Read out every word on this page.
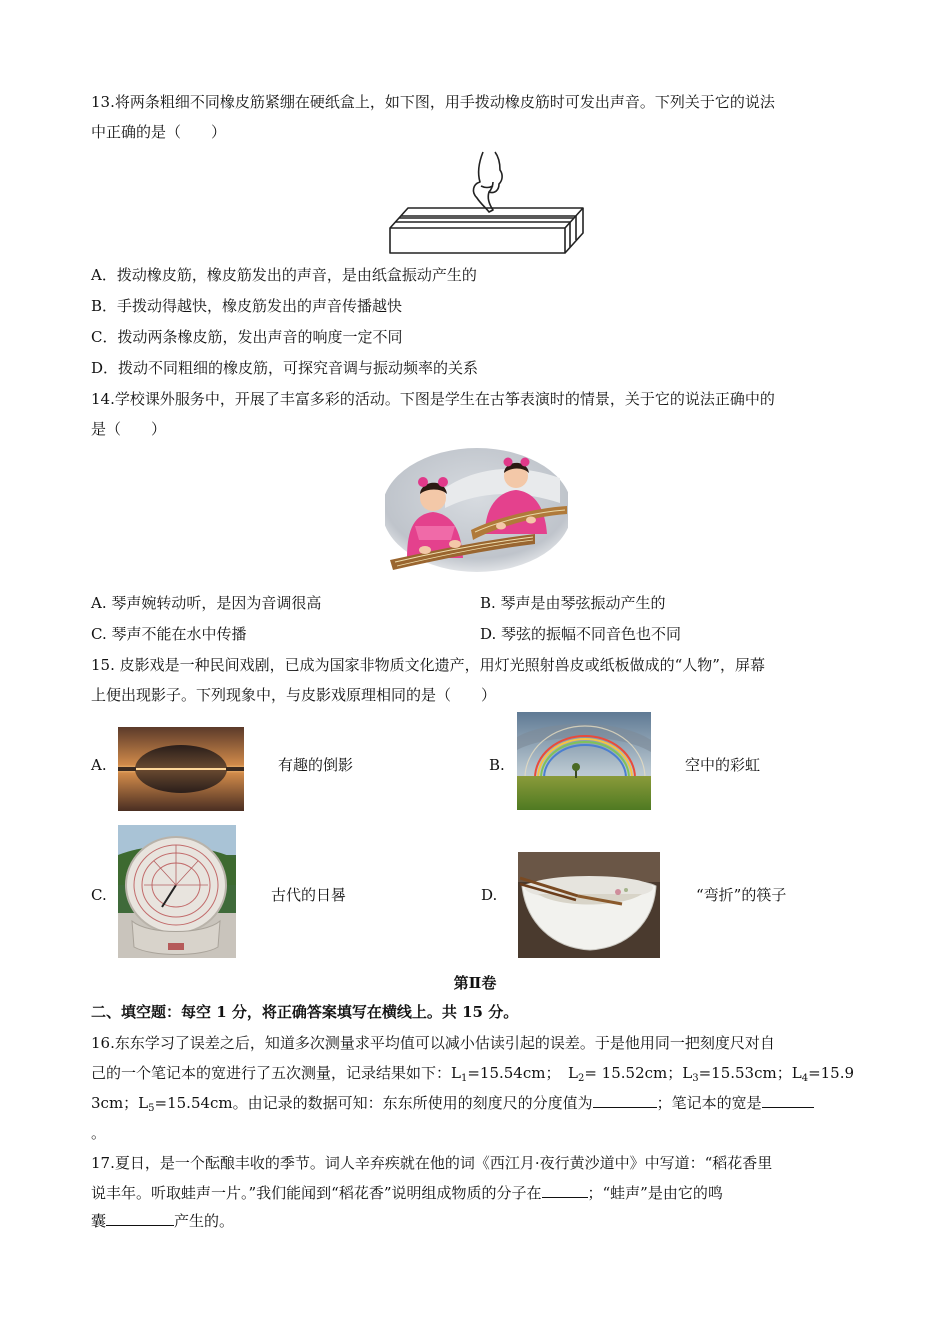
13.将两条粗细不同橡皮筋紧绷在硬纸盒上，如下图，用手拨动橡皮筋时可发出声音。下列关于它的说法
中正确的是（　　）
A．拨动橡皮筋，橡皮筋发出的声音，是由纸盒振动产生的
B．手拨动得越快，橡皮筋发出的声音传播越快
C．拨动两条橡皮筋，发出声音的响度一定不同
D．拨动不同粗细的橡皮筋，可探究音调与振动频率的关系
14.学校课外服务中，开展了丰富多彩的活动。下图是学生在古筝表演时的情景，关于它的说法正确中的
是（　　）
A. 琴声婉转动听，是因为音调很高	B. 琴声是由琴弦振动产生的
C. 琴声不能在水中传播	D. 琴弦的振幅不同音色也不同
15. 皮影戏是一种民间戏剧，已成为国家非物质文化遗产，用灯光照射兽皮或纸板做成的“人物”，屏幕
上便出现影子。下列现象中，与皮影戏原理相同的是（　　）
A.	有趣的倒影	B.	空中的彩虹
C.	古代的日晷	D.	“弯折”的筷子
第Ⅱ卷
二、填空题：每空 1 分，将正确答案填写在横线上。共 15 分。
16.东东学习了误差之后，知道多次测量求平均值可以减小估读引起的误差。于是他用同一把刻度尺对自
己的一个笔记本的宽进行了五次测量，记录结果如下：$L_1=15.54cm$；　$L_2= 15.52cm$；$L_3=15.53cm$；$L_4=15.9$
3cm；$L_5=15.54cm$。由记录的数据可知：东东所使用的刻度尺的分度值为	；笔记本的宽是
。
17.夏日，是一个酝酿丰收的季节。词人辛弃疾就在他的词《西江月·夜行黄沙道中》中写道：“稻花香里
说丰年。听取蛙声一片。”我们能闻到“稻花香”说明组成物质的分子在	；“蛙声”是由它的鸣
囊	产生的。
